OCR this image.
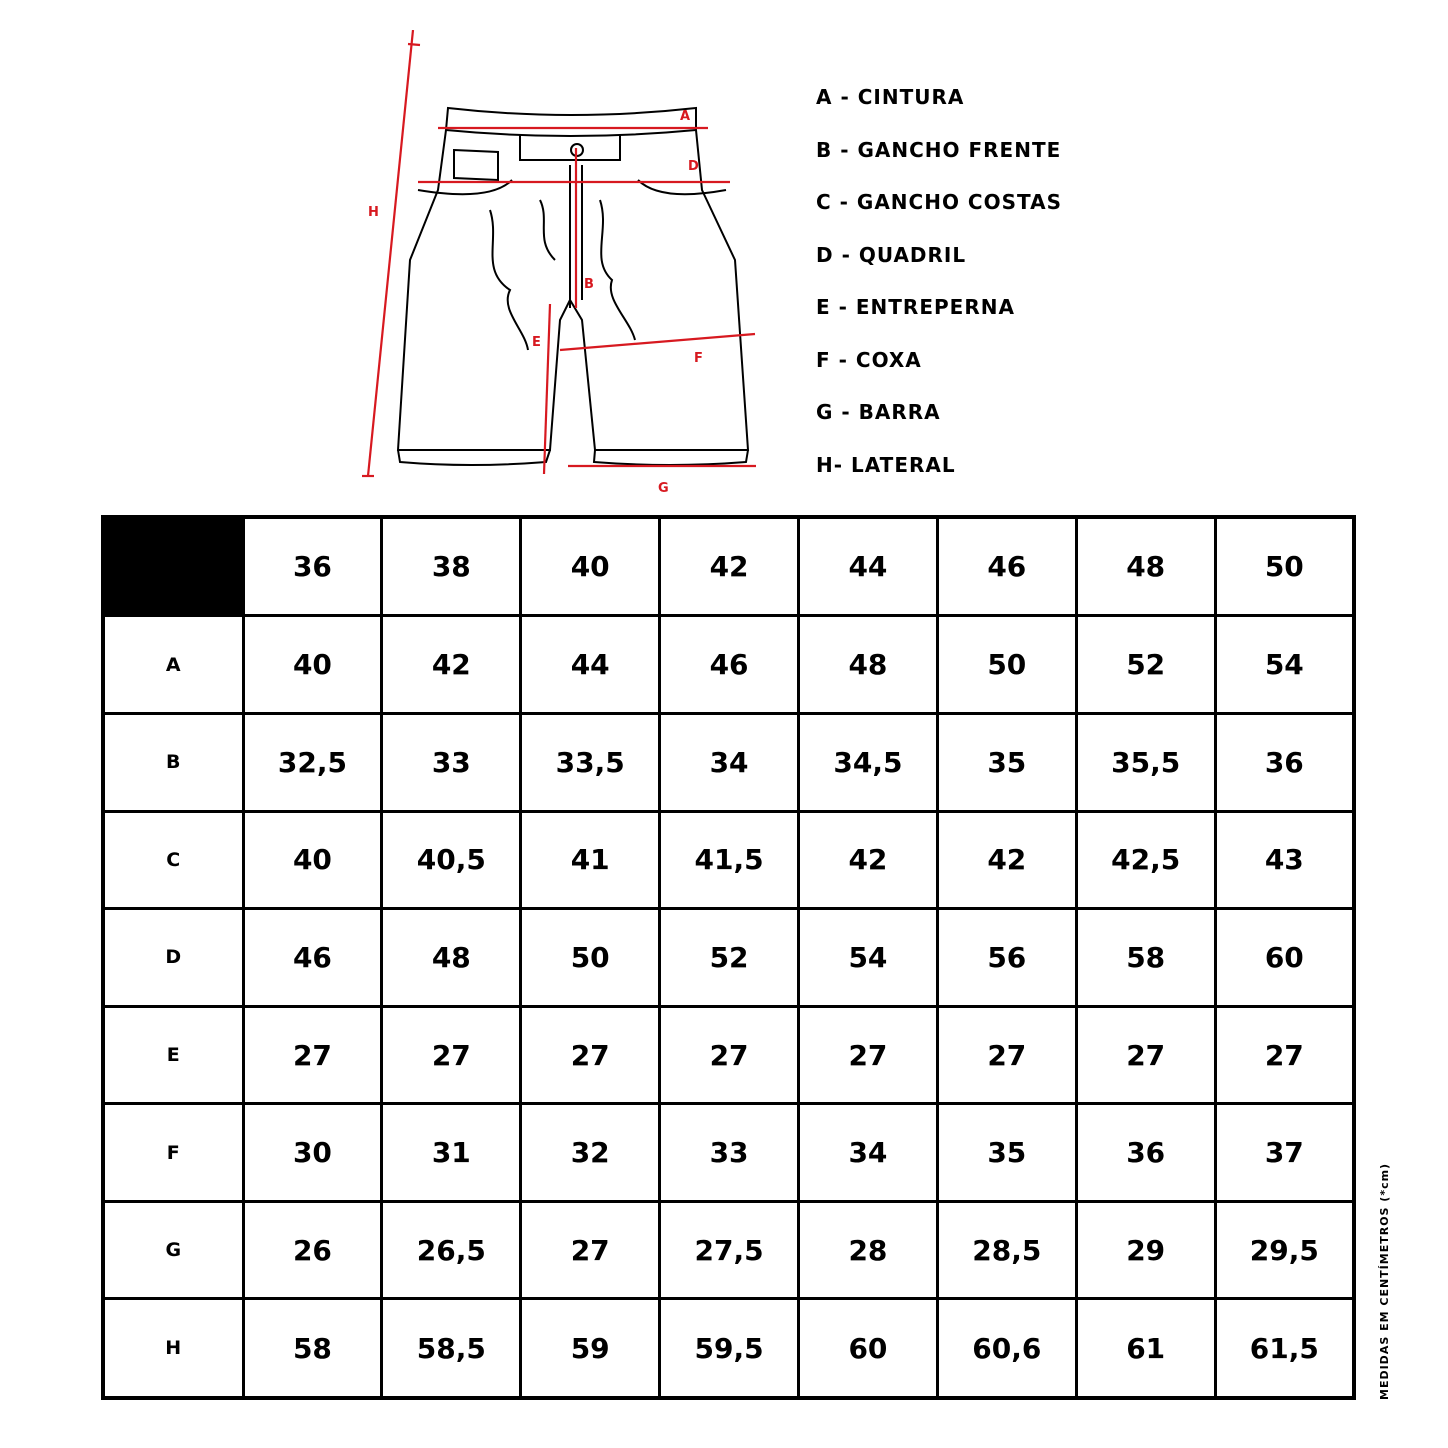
A
D
B
E
F
G
H
A - CINTURA
B - GANCHO FRENTE
C - GANCHO COSTAS
D - QUADRIL
E - ENTREPERNA
F - COXA
G - BARRA
H- LATERAL
	36	38	40	42	44	46	48	50
A	40	42	44	46	48	50	52	54
B	32,5	33	33,5	34	34,5	35	35,5	36
C	40	40,5	41	41,5	42	42	42,5	43
D	46	48	50	52	54	56	58	60
E	27	27	27	27	27	27	27	27
F	30	31	32	33	34	35	36	37
G	26	26,5	27	27,5	28	28,5	29	29,5
H	58	58,5	59	59,5	60	60,6	61	61,5	MEDIDAS EM CENTÍMETROS (*cm)
